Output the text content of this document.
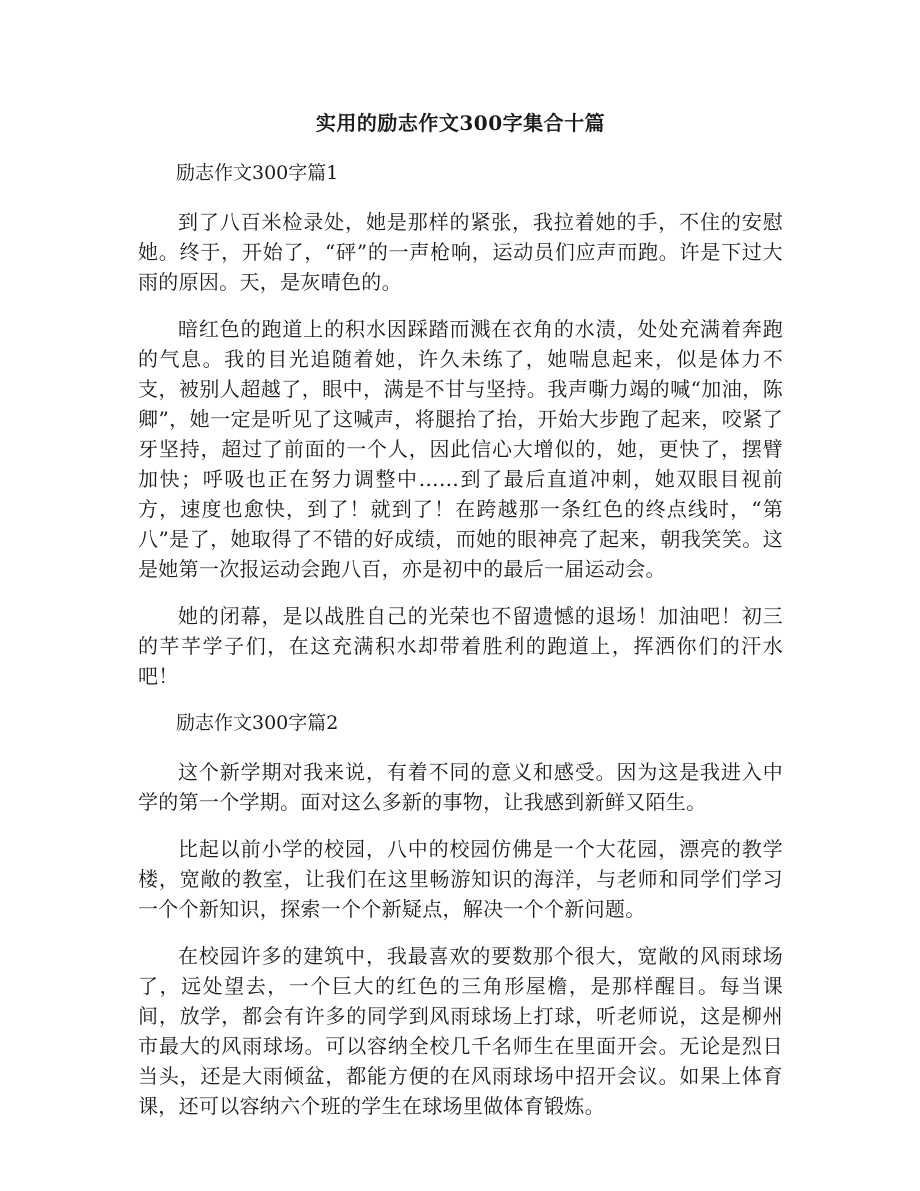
实用的励志作文300字集合十篇

励志作文300字篇1

到了八百米检录处，她是那样的紧张，我拉着她的手，不住的安慰她。终于，开始了，“砰”的一声枪响，运动员们应声而跑。许是下过大雨的原因。天，是灰晴色的。

暗红色的跑道上的积水因踩踏而溅在衣角的水渍，处处充满着奔跑的气息。我的目光追随着她，许久未练了，她喘息起来，似是体力不支，被别人超越了，眼中，满是不甘与坚持。我声嘶力竭的喊“加油，陈卿”，她一定是听见了这喊声，将腿抬了抬，开始大步跑了起来，咬紧了牙坚持，超过了前面的一个人，因此信心大增似的，她，更快了，摆臂加快；呼吸也正在努力调整中……到了最后直道冲刺，她双眼目视前方，速度也愈快，到了！就到了！在跨越那一条红色的终点线时，“第八”是了，她取得了不错的好成绩，而她的眼神亮了起来，朝我笑笑。这是她第一次报运动会跑八百，亦是初中的最后一届运动会。

她的闭幕，是以战胜自己的光荣也不留遗憾的退场！加油吧！初三的芊芊学子们，在这充满积水却带着胜利的跑道上，挥洒你们的汗水吧！

励志作文300字篇2

这个新学期对我来说，有着不同的意义和感受。因为这是我进入中学的第一个学期。面对这么多新的事物，让我感到新鲜又陌生。

比起以前小学的校园，八中的校园仿佛是一个大花园，漂亮的教学楼，宽敞的教室，让我们在这里畅游知识的海洋，与老师和同学们学习一个个新知识，探索一个个新疑点，解决一个个新问题。

在校园许多的建筑中，我最喜欢的要数那个很大，宽敞的风雨球场了，远处望去，一个巨大的红色的三角形屋檐，是那样醒目。每当课间，放学，都会有许多的同学到风雨球场上打球，听老师说，这是柳州市最大的风雨球场。可以容纳全校几千名师生在里面开会。无论是烈日当头，还是大雨倾盆，都能方便的在风雨球场中招开会议。如果上体育课，还可以容纳六个班的学生在球场里做体育锻炼。
